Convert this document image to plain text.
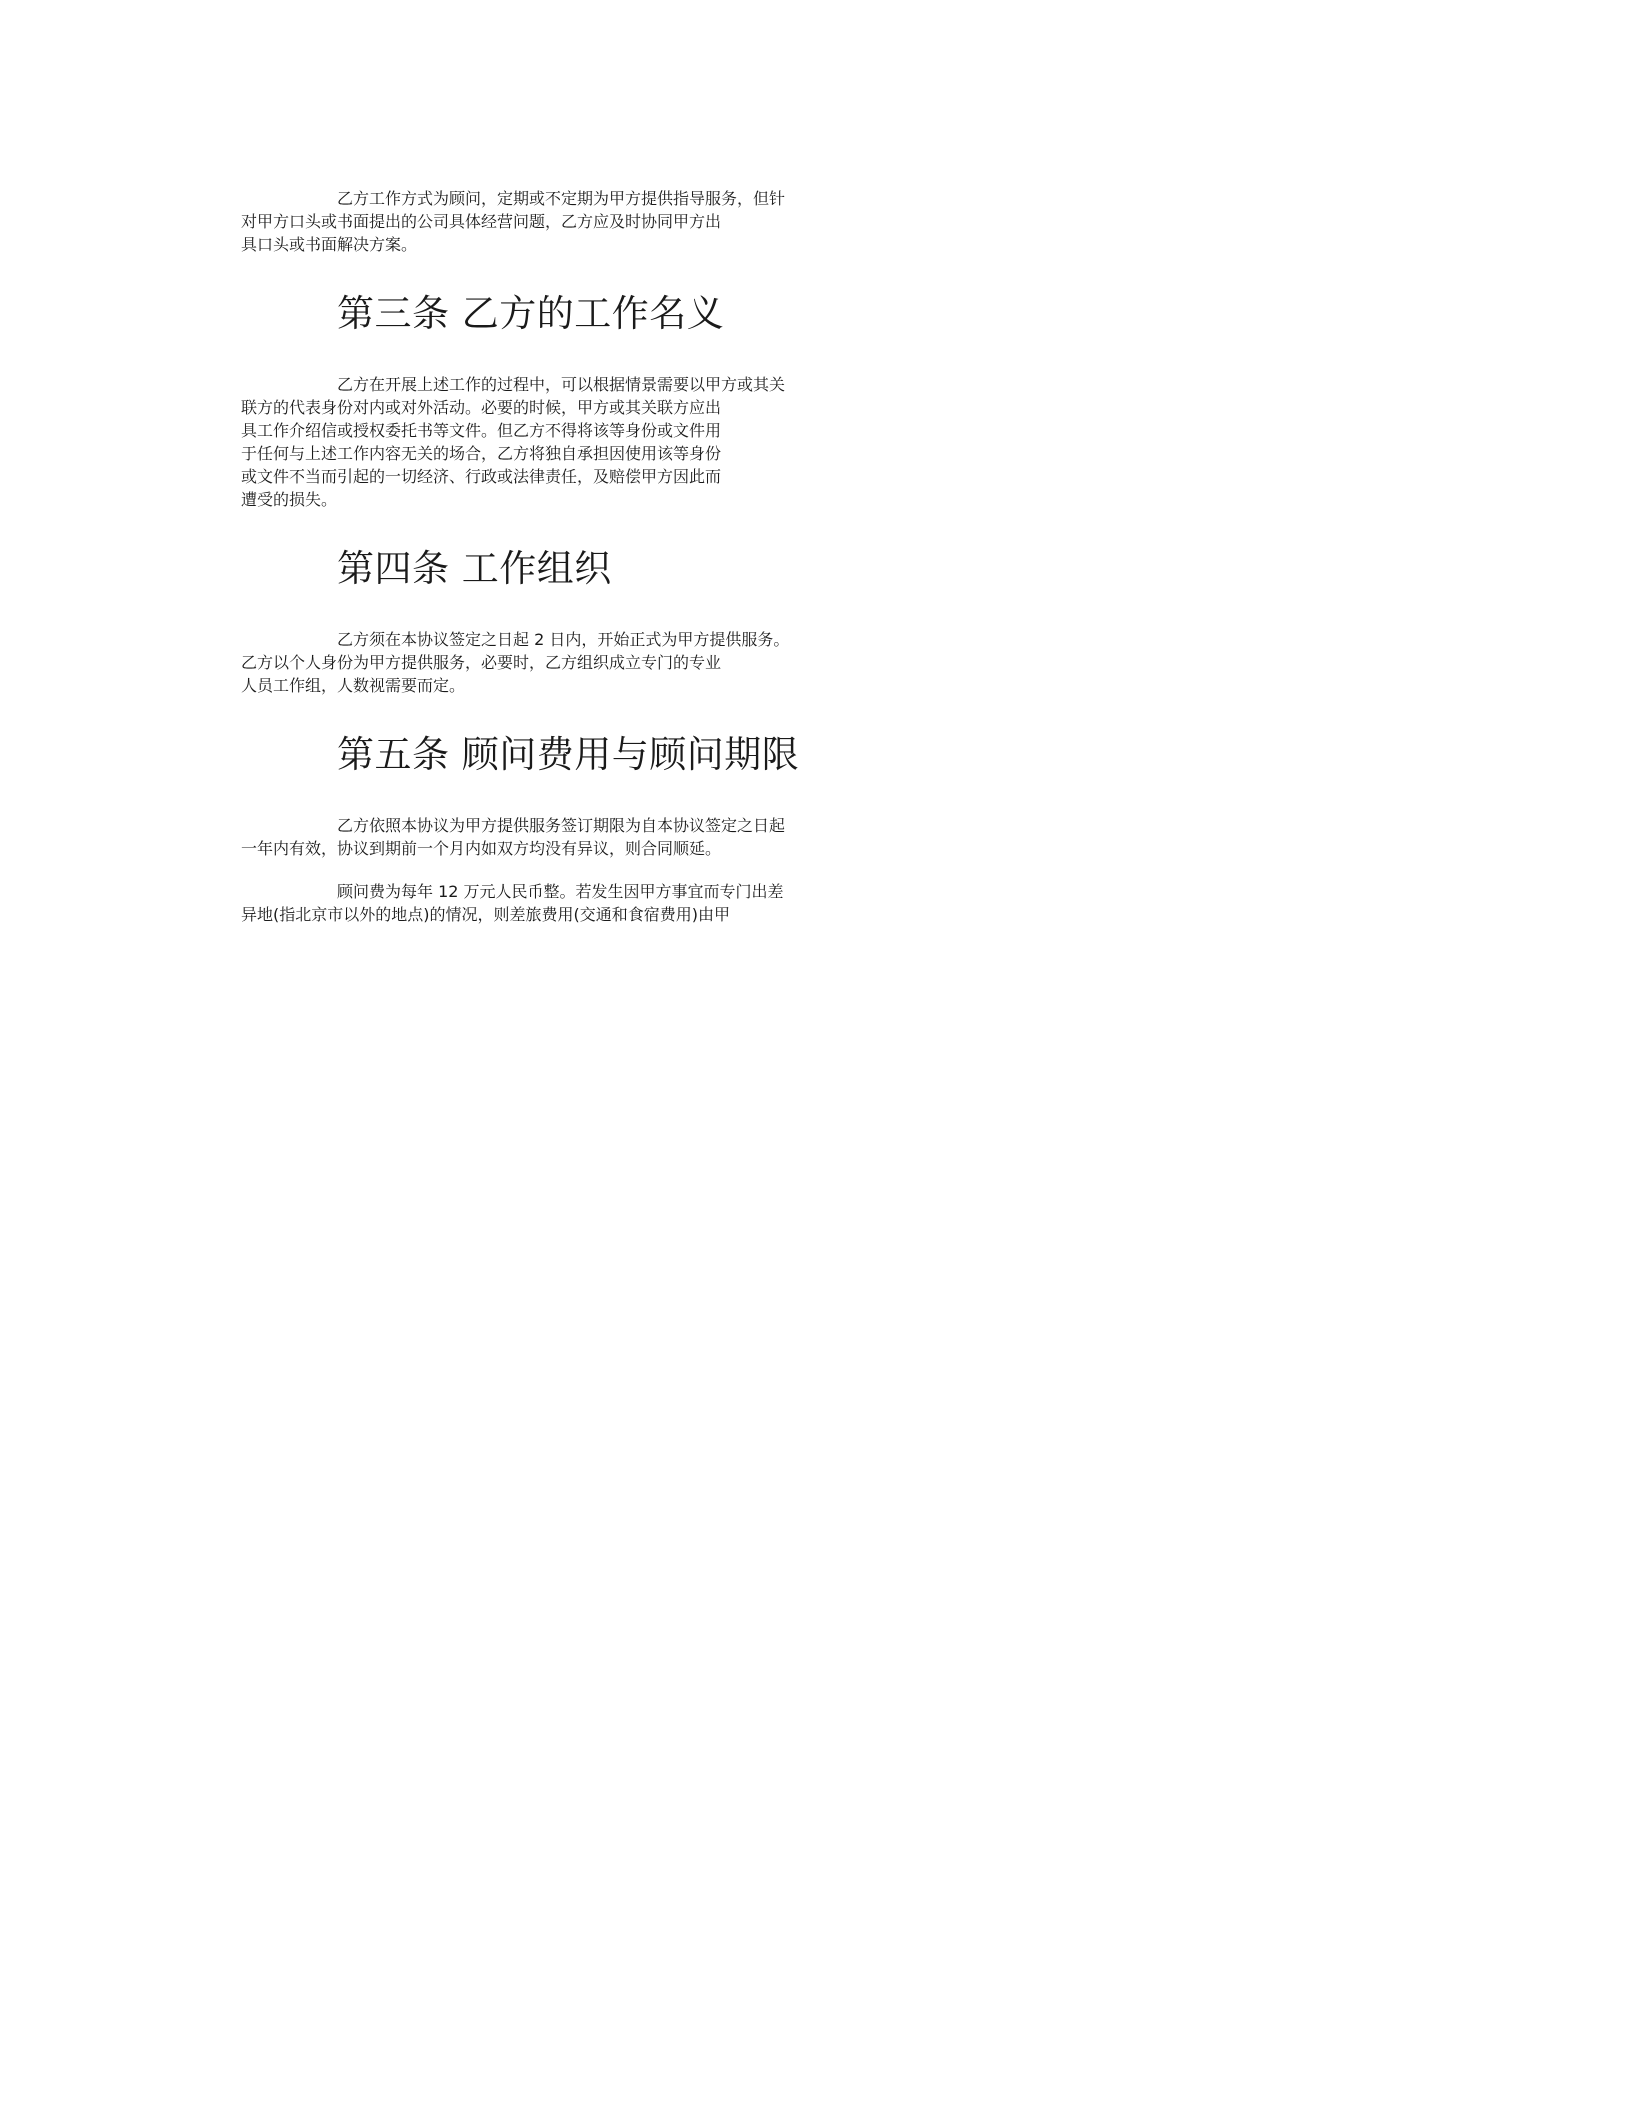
乙方工作方式为顾问，定期或不定期为甲方提供指导服务，但针
对甲方口头或书面提出的公司具体经营问题，乙方应及时协同甲方出
具口头或书面解决方案。
第三条 乙方的工作名义
乙方在开展上述工作的过程中，可以根据情景需要以甲方或其关
联方的代表身份对内或对外活动。必要的时候，甲方或其关联方应出
具工作介绍信或授权委托书等文件。但乙方不得将该等身份或文件用
于任何与上述工作内容无关的场合，乙方将独自承担因使用该等身份
或文件不当而引起的一切经济、行政或法律责任，及赔偿甲方因此而
遭受的损失。
第四条 工作组织
乙方须在本协议签定之日起 2 日内，开始正式为甲方提供服务。
乙方以个人身份为甲方提供服务，必要时，乙方组织成立专门的专业
人员工作组，人数视需要而定。
第五条 顾问费用与顾问期限
乙方依照本协议为甲方提供服务签订期限为自本协议签定之日起
一年内有效，协议到期前一个月内如双方均没有异议，则合同顺延。
顾问费为每年 12 万元人民币整。若发生因甲方事宜而专门出差
异地(指北京市以外的地点)的情况，则差旅费用(交通和食宿费用)由甲
